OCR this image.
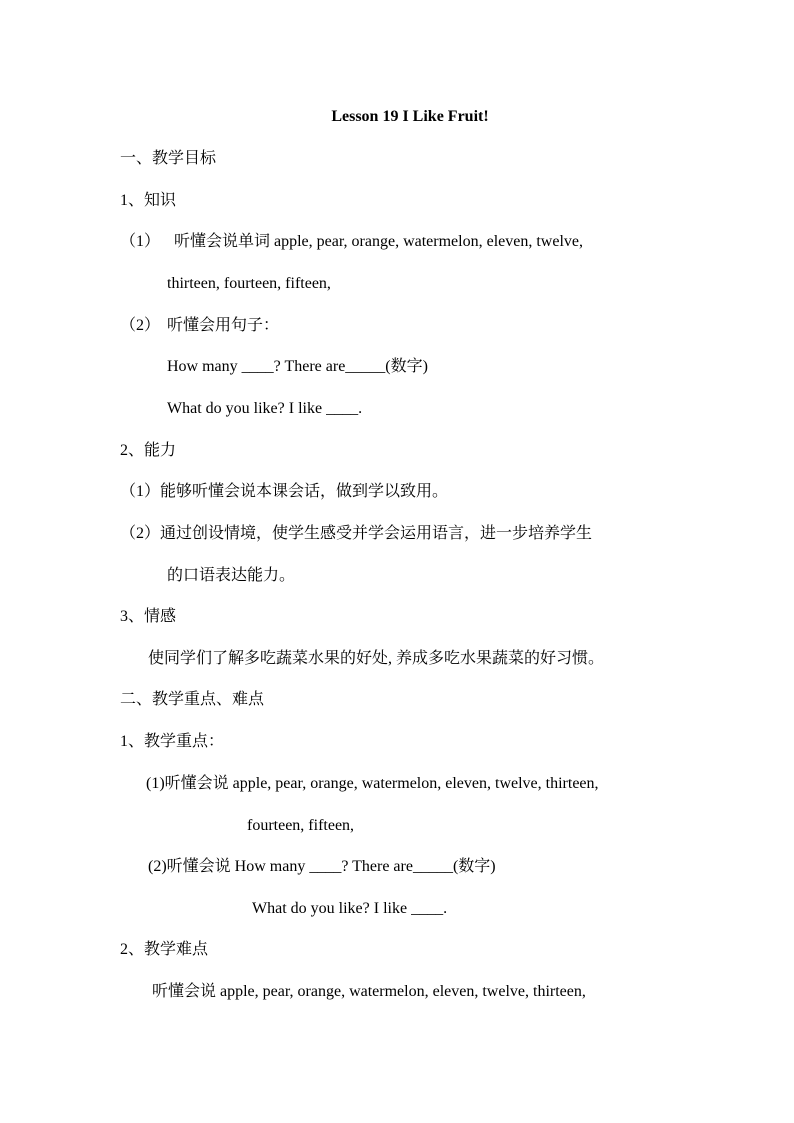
Lesson 19 I Like Fruit!
一、教学目标
1、知识
（1） 听懂会说单词 apple, pear, orange, watermelon, eleven, twelve,
thirteen, fourteen, fifteen,
（2） 听懂会用句子：
How many ____? There are_____(数字)
What do you like? I like ____.
2、能力
（1）能够听懂会说本课会话，做到学以致用。
（2）通过创设情境，使学生感受并学会运用语言，进一步培养学生
的口语表达能力。
3、情感
使同学们了解多吃蔬菜水果的好处, 养成多吃水果蔬菜的好习惯。
二、教学重点、难点
1、教学重点：
(1)听懂会说 apple, pear, orange, watermelon, eleven, twelve, thirteen,
fourteen, fifteen,
(2)听懂会说 How many ____? There are_____(数字)
What do you like? I like ____.
2、教学难点
听懂会说 apple, pear, orange, watermelon, eleven, twelve, thirteen,
